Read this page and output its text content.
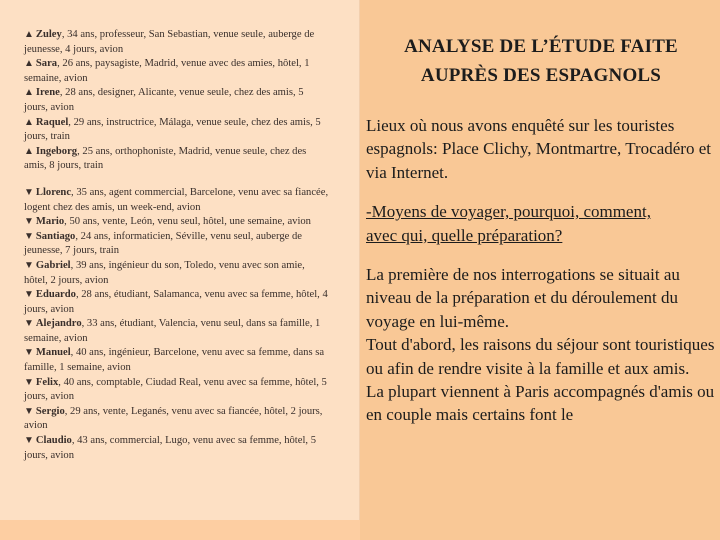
▲ Zuley, 34 ans, professeur, San Sebastian, venue seule, auberge de jeunesse, 4 jours, avion

▲ Sara, 26 ans, paysagiste, Madrid, venue avec des amies, hôtel, 1 semaine, avion

▲ Irene, 28 ans, designer, Alicante, venue seule, chez des amis, 5 jours, avion

▲ Raquel, 29 ans, instructrice, Málaga, venue seule, chez des amis, 5 jours, train

▲ Ingeborg, 25 ans, orthophoniste, Madrid, venue seule, chez des amis, 8 jours, train

▼ Llorenc, 35 ans, agent commercial, Barcelone, venu avec sa fiancée, logent chez des amis, un week-end, avion

▼ Mario, 50 ans, vente, León, venu seul, hôtel, une semaine, avion

▼ Santiago, 24 ans, informaticien, Séville, venu seul, auberge de jeunesse, 7 jours, train

▼ Gabriel, 39 ans, ingénieur du son, Toledo, venu avec son amie, hôtel, 2 jours, avion

▼ Eduardo, 28 ans, étudiant, Salamanca, venu avec sa femme, hôtel, 4 jours, avion

▼ Alejandro, 33 ans, étudiant, Valencia, venu seul, dans sa famille, 1 semaine, avion

▼ Manuel, 40 ans, ingénieur, Barcelone, venu avec sa femme, dans sa famille, 1 semaine, avion

▼ Felix, 40 ans, comptable, Ciudad Real, venu avec sa femme, hôtel, 5 jours, avion

▼ Sergio, 29 ans, vente, Leganés, venu avec sa fiancée, hôtel, 2 jours, avion

▼ Claudio, 43 ans, commercial, Lugo, venu avec sa femme, hôtel, 5 jours, avion

ANALYSE DE L’ÉTUDE FAITE
AUPRÈS DES ESPAGNOLS

Lieux où nous avons enquêté sur les touristes espagnols: Place Clichy, Montmartre, Trocadéro et via Internet.

-Moyens de voyager, pourquoi, comment,
avec qui, quelle préparation?

La première de nos interrogations se situait au niveau de la préparation et du déroulement du voyage en lui-même.
Tout d'abord, les raisons du séjour sont touristiques ou afin de rendre visite à la famille et aux amis.
La plupart viennent à Paris accompagnés d'amis ou en couple mais certains font le
